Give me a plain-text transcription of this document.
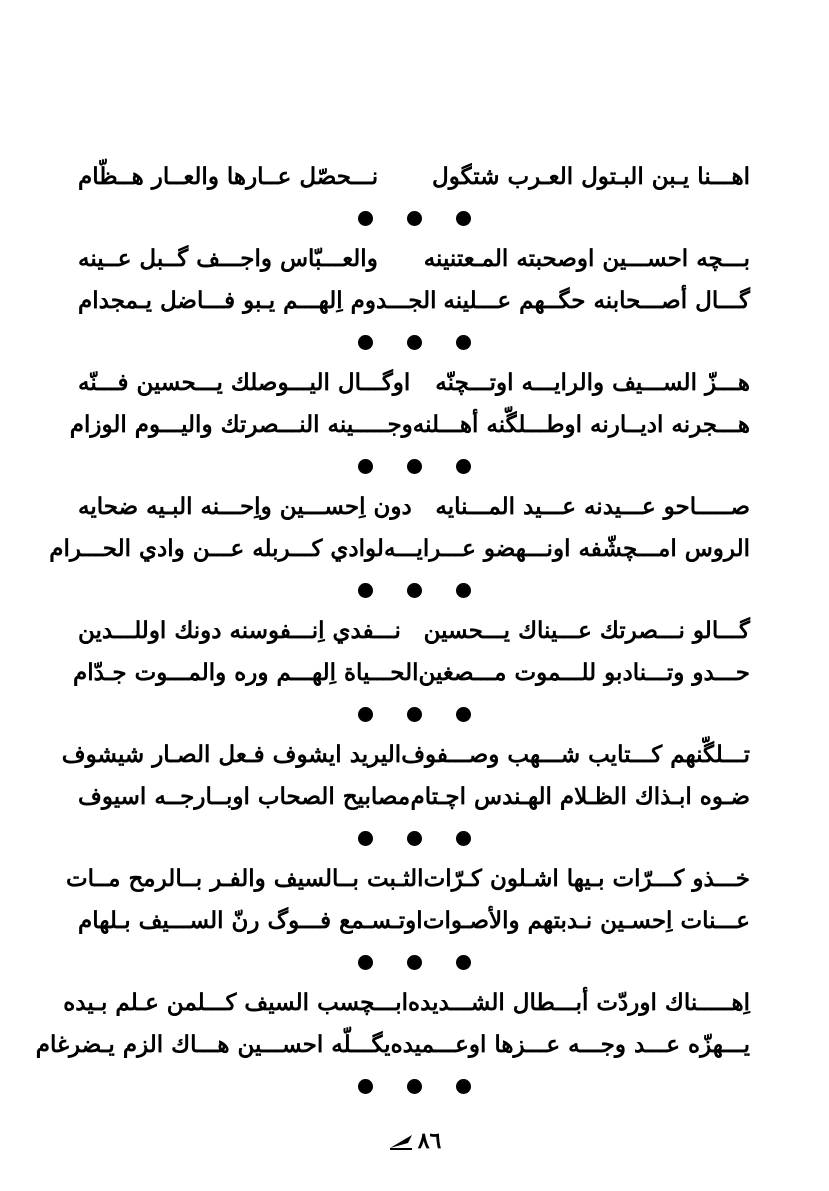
اهـــنا يـبن البـتول العـرب شتگول
نـــحصّل عــارها والعــار هــظّام
بـــچه احســـين اوصحبته المـعتنينه
والعـــبّاس واجـــف گــبل عــينه
گـــال أصـــحابنه حگــهم عـــلينه
الجـــدوم اِلهـــم يـبو فـــاضل يـمجدام
هـــزّ الســـيف والرايـــه اوتـــچنّه
اوگـــال اليـــوصلك يـــحسين فـــنّه
هـــجرنه اديــارنه اوطـــلگّنه أهـــلنه
وجـــــينه النـــصرتك واليـــوم الوزام
صـــــاحو عـــيدنه عـــيد المـــنايه
دون اِحســـين واِحـــنه البـيه ضحايه
الروس امـــچشّفه اونـــهضو عـــرايـــه
لوادي كـــربله عـــن وادي الحـــرام
گـــالو نـــصرتك عـــيناك يـــحسين
نـــفدي اِنـــفوسنه دونك اوللـــدين
حـــدو وتـــنادبو للـــموت مـــصغين
الحـــياة اِلهـــم وره والمـــوت جـدّام
تـــلگّنهم كـــتايب شـــهب وصـــفوف
اليريد ايشوف فـعل الصـار شيشوف
ضـوه ابـذاك الظـلام الهـندس اچـتام
مصابيح الصحاب اوبــارجــه اسيوف
خـــذو كـــرّات بـيها اشـلون كـرّات
الثـبت بــالسيف والفـر بــالرمح مــات
عـــنات اِحسـين نـدبتهم والأصـوات
اوتـسـمع فـــوگ رنّ الســـيف بـلهام
اِهـــــناك اوردّت أبـــطال الشـــديده
ابـــچسب السيف كـــلمن عـلم بـيده
يـــهزّه عـــد وجـــه عـــزها اوعـــميده
يگـــلّه احســـين هـــاك الزم يـضرغام
٨٦
